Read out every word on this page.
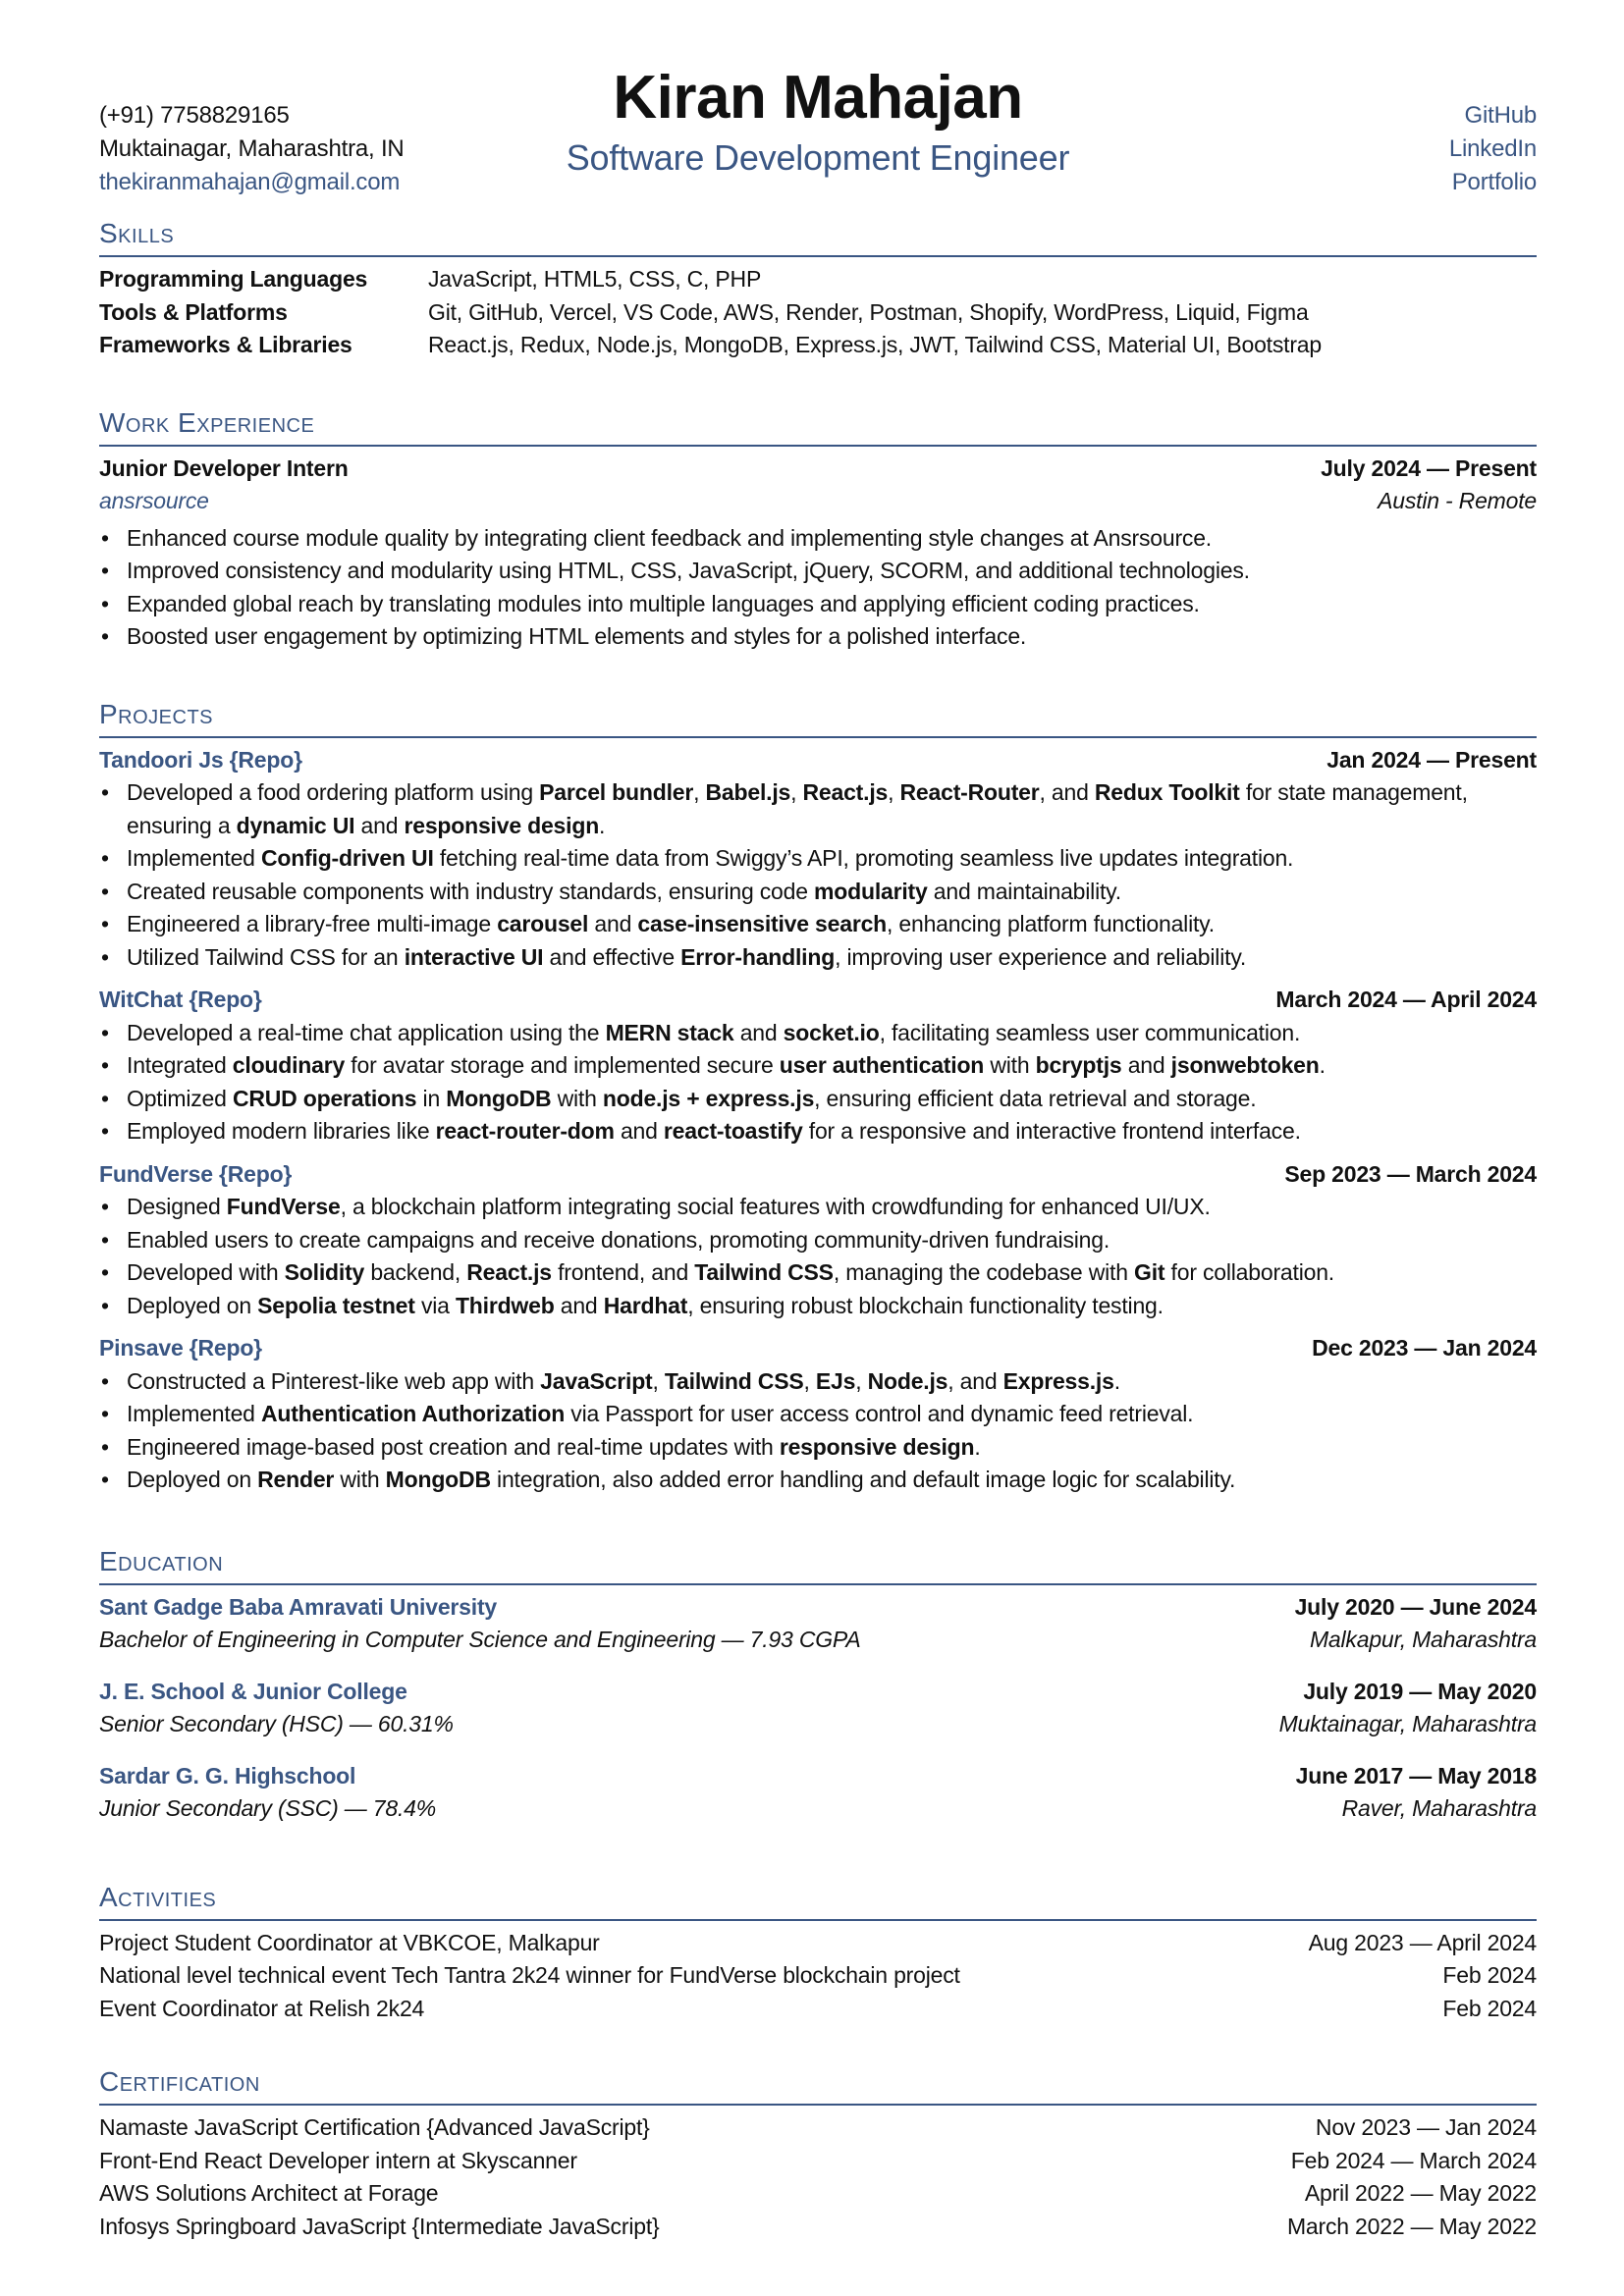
(+91) 7758829165
Muktainagar, Maharashtra, IN
thekiranmahajan@gmail.com
Kiran Mahajan
Software Development Engineer
GitHub
LinkedIn
Portfolio
Skills
Programming Languages	JavaScript, HTML5, CSS, C, PHP
Tools & Platforms	Git, GitHub, Vercel, VS Code, AWS, Render, Postman, Shopify, WordPress, Liquid, Figma
Frameworks & Libraries	React.js, Redux, Node.js, MongoDB, Express.js, JWT, Tailwind CSS, Material UI, Bootstrap
Work Experience
Junior Developer Intern	July 2024 — Present
ansrsource	Austin - Remote
• Enhanced course module quality by integrating client feedback and implementing style changes at Ansrsource.
• Improved consistency and modularity using HTML, CSS, JavaScript, jQuery, SCORM, and additional technologies.
• Expanded global reach by translating modules into multiple languages and applying efficient coding practices.
• Boosted user engagement by optimizing HTML elements and styles for a polished interface.
Projects
Tandoori Js {Repo}	Jan 2024 — Present
• Developed a food ordering platform using Parcel bundler, Babel.js, React.js, React-Router, and Redux Toolkit for state management, ensuring a dynamic UI and responsive design.
• Implemented Config-driven UI fetching real-time data from Swiggy’s API, promoting seamless live updates integration.
• Created reusable components with industry standards, ensuring code modularity and maintainability.
• Engineered a library-free multi-image carousel and case-insensitive search, enhancing platform functionality.
• Utilized Tailwind CSS for an interactive UI and effective Error-handling, improving user experience and reliability.
WitChat {Repo}	March 2024 — April 2024
• Developed a real-time chat application using the MERN stack and socket.io, facilitating seamless user communication.
• Integrated cloudinary for avatar storage and implemented secure user authentication with bcryptjs and jsonwebtoken.
• Optimized CRUD operations in MongoDB with node.js + express.js, ensuring efficient data retrieval and storage.
• Employed modern libraries like react-router-dom and react-toastify for a responsive and interactive frontend interface.
FundVerse {Repo}	Sep 2023 — March 2024
• Designed FundVerse, a blockchain platform integrating social features with crowdfunding for enhanced UI/UX.
• Enabled users to create campaigns and receive donations, promoting community-driven fundraising.
• Developed with Solidity backend, React.js frontend, and Tailwind CSS, managing the codebase with Git for collaboration.
• Deployed on Sepolia testnet via Thirdweb and Hardhat, ensuring robust blockchain functionality testing.
Pinsave {Repo}	Dec 2023 — Jan 2024
• Constructed a Pinterest-like web app with JavaScript, Tailwind CSS, EJs, Node.js, and Express.js.
• Implemented Authentication Authorization via Passport for user access control and dynamic feed retrieval.
• Engineered image-based post creation and real-time updates with responsive design.
• Deployed on Render with MongoDB integration, also added error handling and default image logic for scalability.
Education
Sant Gadge Baba Amravati University	July 2020 — June 2024
Bachelor of Engineering in Computer Science and Engineering — 7.93 CGPA	Malkapur, Maharashtra
J. E. School & Junior College	July 2019 — May 2020
Senior Secondary (HSC) — 60.31%	Muktainagar, Maharashtra
Sardar G. G. Highschool	June 2017 — May 2018
Junior Secondary (SSC) — 78.4%	Raver, Maharashtra
Activities
Project Student Coordinator at VBKCOE, Malkapur	Aug 2023 — April 2024
National level technical event Tech Tantra 2k24 winner for FundVerse blockchain project	Feb 2024
Event Coordinator at Relish 2k24	Feb 2024
Certification
Namaste JavaScript Certification {Advanced JavaScript}	Nov 2023 — Jan 2024
Front-End React Developer intern at Skyscanner	Feb 2024 — March 2024
AWS Solutions Architect at Forage	April 2022 — May 2022
Infosys Springboard JavaScript {Intermediate JavaScript}	March 2022 — May 2022
